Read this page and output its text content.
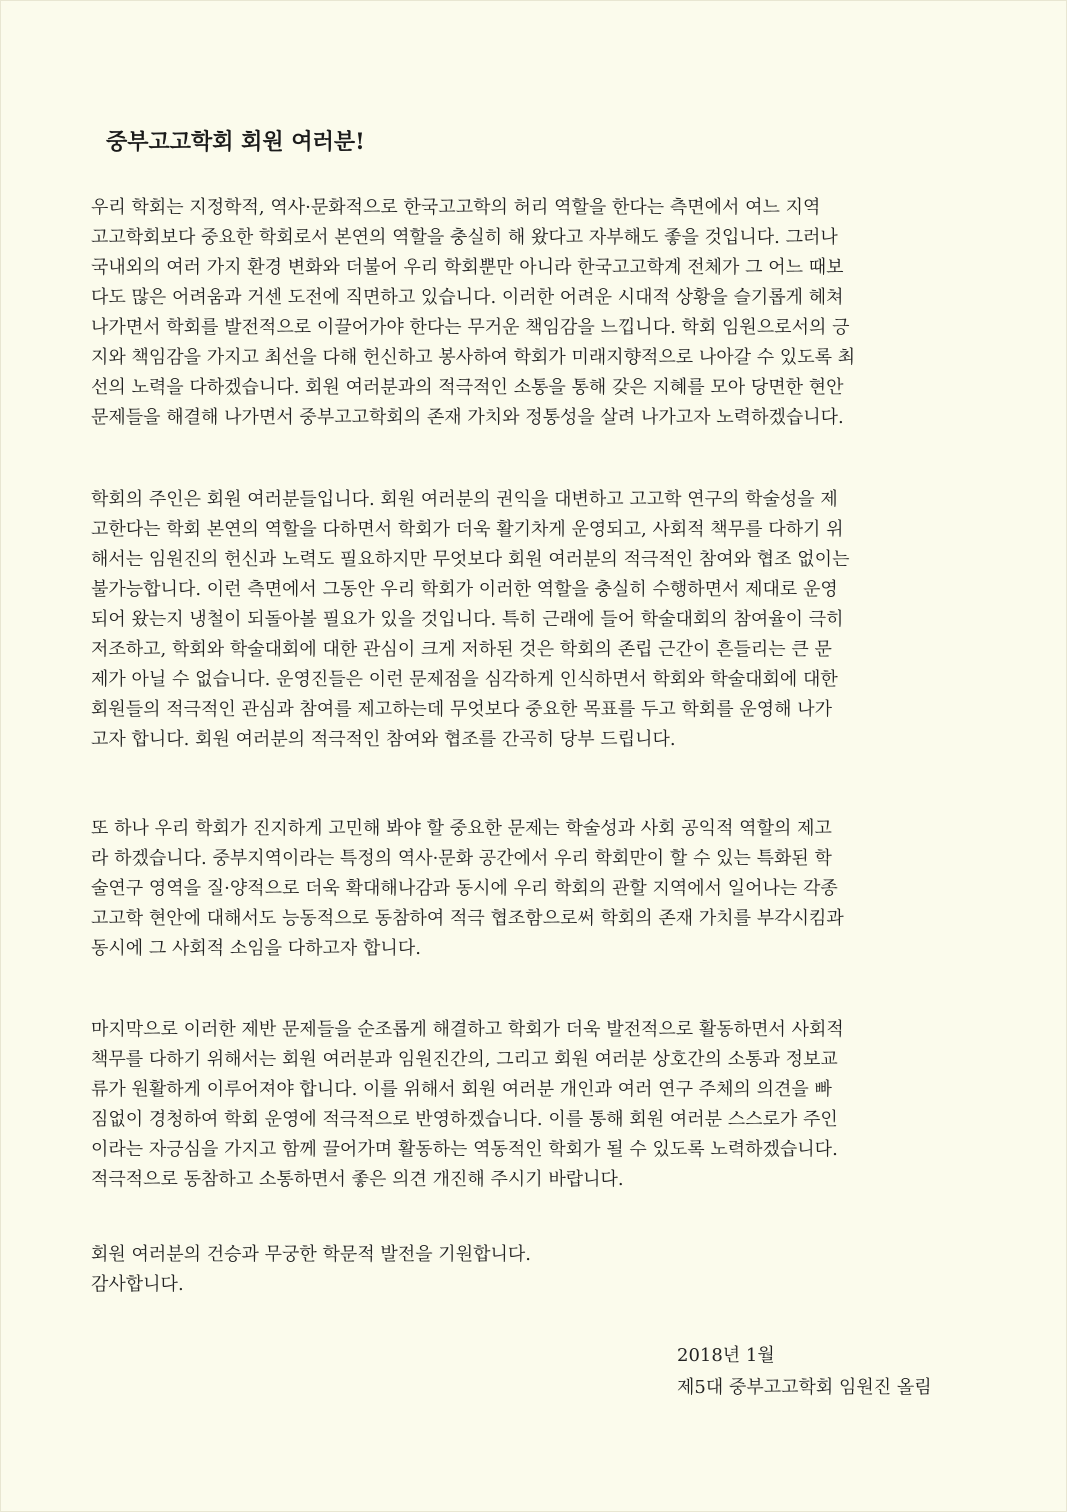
중부고고학회 회원 여러분!
우리 학회는 지정학적, 역사·문화적으로 한국고고학의 허리 역할을 한다는 측면에서 여느 지역
고고학회보다 중요한 학회로서 본연의 역할을 충실히 해 왔다고 자부해도 좋을 것입니다. 그러나
국내외의 여러 가지 환경 변화와 더불어 우리 학회뿐만 아니라 한국고고학계 전체가 그 어느 때보
다도 많은 어려움과 거센 도전에 직면하고 있습니다. 이러한 어려운 시대적 상황을 슬기롭게 헤쳐
나가면서 학회를 발전적으로 이끌어가야 한다는 무거운 책임감을 느낍니다. 학회 임원으로서의 긍
지와 책임감을 가지고 최선을 다해 헌신하고 봉사하여 학회가 미래지향적으로 나아갈 수 있도록 최
선의 노력을 다하겠습니다. 회원 여러분과의 적극적인 소통을 통해 갖은 지혜를 모아 당면한 현안
문제들을 해결해 나가면서 중부고고학회의 존재 가치와 정통성을 살려 나가고자 노력하겠습니다.
학회의 주인은 회원 여러분들입니다. 회원 여러분의 권익을 대변하고 고고학 연구의 학술성을 제
고한다는 학회 본연의 역할을 다하면서 학회가 더욱 활기차게 운영되고, 사회적 책무를 다하기 위
해서는 임원진의 헌신과 노력도 필요하지만 무엇보다 회원 여러분의 적극적인 참여와 협조 없이는
불가능합니다. 이런 측면에서 그동안 우리 학회가 이러한 역할을 충실히 수행하면서 제대로 운영
되어 왔는지 냉철이 되돌아볼 필요가 있을 것입니다. 특히 근래에 들어 학술대회의 참여율이 극히
저조하고, 학회와 학술대회에 대한 관심이 크게 저하된 것은 학회의 존립 근간이 흔들리는 큰 문
제가 아닐 수 없습니다. 운영진들은 이런 문제점을 심각하게 인식하면서 학회와 학술대회에 대한
회원들의 적극적인 관심과 참여를 제고하는데 무엇보다 중요한 목표를 두고 학회를 운영해 나가
고자 합니다. 회원 여러분의 적극적인 참여와 협조를 간곡히 당부 드립니다.
또 하나 우리 학회가 진지하게 고민해 봐야 할 중요한 문제는 학술성과 사회 공익적 역할의 제고
라 하겠습니다. 중부지역이라는 특정의 역사·문화 공간에서 우리 학회만이 할 수 있는 특화된 학
술연구 영역을 질·양적으로 더욱 확대해나감과 동시에 우리 학회의 관할 지역에서 일어나는 각종
고고학 현안에 대해서도 능동적으로 동참하여 적극 협조함으로써 학회의 존재 가치를 부각시킴과
동시에 그 사회적 소임을 다하고자 합니다.
마지막으로 이러한 제반 문제들을 순조롭게 해결하고 학회가 더욱 발전적으로 활동하면서 사회적
책무를 다하기 위해서는 회원 여러분과 임원진간의, 그리고 회원 여러분 상호간의 소통과 정보교
류가 원활하게 이루어져야 합니다. 이를 위해서 회원 여러분 개인과 여러 연구 주체의 의견을 빠
짐없이 경청하여 학회 운영에 적극적으로 반영하겠습니다. 이를 통해 회원 여러분 스스로가 주인
이라는 자긍심을 가지고 함께 끌어가며 활동하는 역동적인 학회가 될 수 있도록 노력하겠습니다.
적극적으로 동참하고 소통하면서 좋은 의견 개진해 주시기 바랍니다.
회원 여러분의 건승과 무궁한 학문적 발전을 기원합니다.
감사합니다.
2018년 1월
제5대 중부고고학회 임원진 올림
